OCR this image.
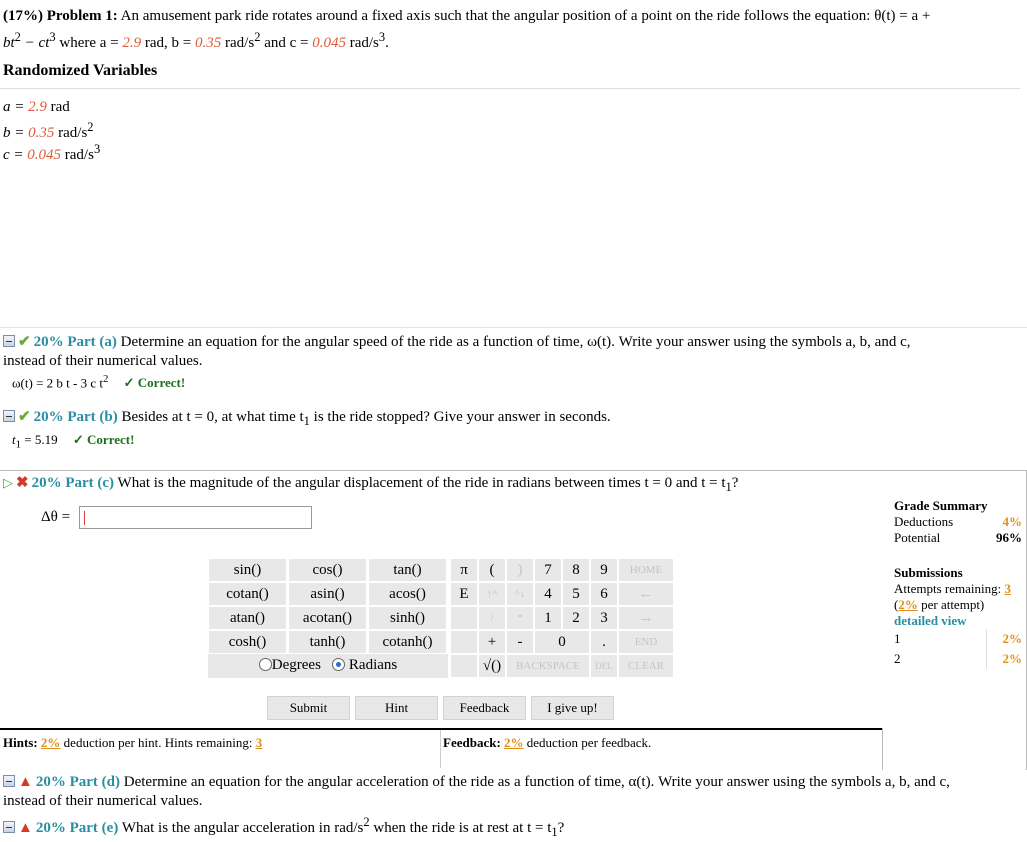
(17%) Problem 1: An amusement park ride rotates around a fixed axis such that the angular position of a point on the ride follows the equation: θ(t) = a +
$bt^2 - ct^3$ where a = 2.9 rad, b = 0.35 rad/$s^2$ and c = 0.045 rad/$s^3$.
Randomized Variables
a = 2.9 rad
b = 0.35 rad/$s^2$
c = 0.045 rad/$s^3$
✔ 20% Part (a) Determine an equation for the angular speed of the ride as a function of time, ω(t). Write your answer using the symbols a, b, and c,
instead of their numerical values.
ω(t) = 2 b t - 3 c $t^2$ ✓ Correct!
✔ 20% Part (b) Besides at t = 0, at what time $t_1$ is the ride stopped? Give your answer in seconds.
$t_1 = 5.19$ ✓ Correct!
▷ ✖ 20% Part (c) What is the magnitude of the angular displacement of the ride in radians between times t = 0 and $t = t_1$?
Δθ =
sin()	cos()	tan()
cotan()	asin()	acos()
atan()	acotan()	sinh()
cosh()	tanh()	cotanh()
Degrees Radians
π	(	)	7	8	9	HOME
E	↑^	^↓	4	5	6	←
/	*	1	2	3	→
+	-	0	.	END
√()	BACKSPACE	DEL	CLEAR
Submit	Hint	Feedback	I give up!
Hints: 2% deduction per hint. Hints remaining: 3	Feedback: 2% deduction per feedback.
Grade Summary
Deductions	4%
Potential	96%
Submissions
Attempts remaining: 3
(2% per attempt)
detailed view
1	2%
2	2%
▲ 20% Part (d) Determine an equation for the angular acceleration of the ride as a function of time, α(t). Write your answer using the symbols a, b, and c,
instead of their numerical values.
▲ 20% Part (e) What is the angular acceleration in rad/$s^2$ when the ride is at rest at $t = t_1$?
